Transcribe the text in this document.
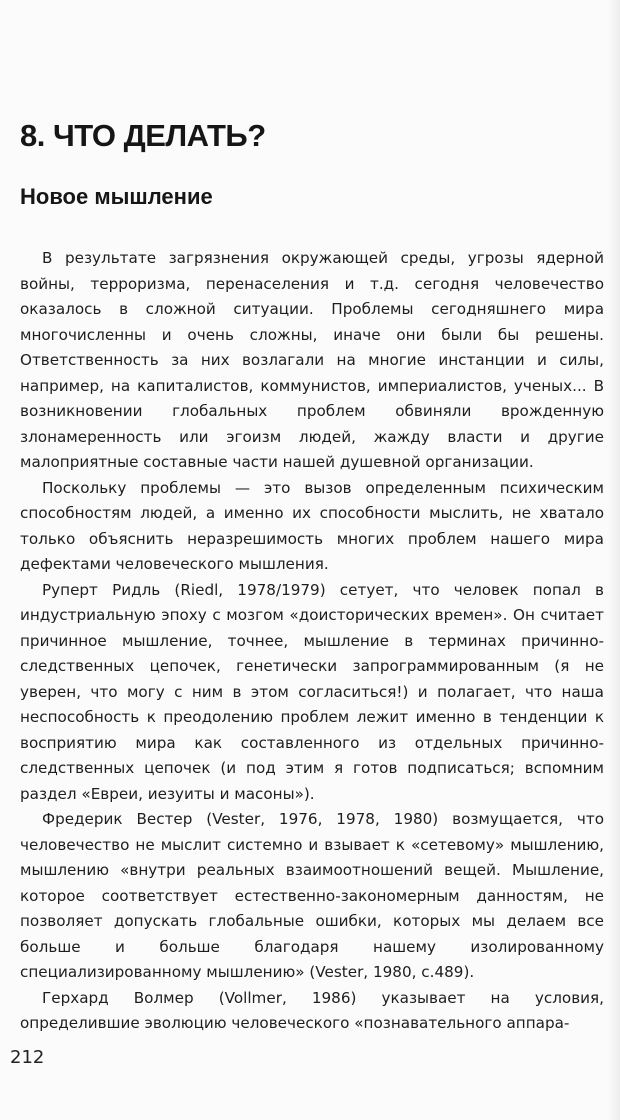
8. ЧТО ДЕЛАТЬ?
Новое мышление

В результате загрязнения окружающей среды, угрозы ядерной войны, терроризма, перенаселения и т.д. сегодня человечество оказалось в сложной ситуации. Проблемы сегодняшнего мира многочисленны и очень сложны, иначе они были бы решены. Ответственность за них возлагали на многие инстанции и силы, например, на капиталистов, коммунистов, империалистов, ученых... В возникновении глобальных проблем обвиняли врожденную злонамеренность или эгоизм людей, жажду власти и другие малоприятные составные части нашей душевной организации.

Поскольку проблемы — это вызов определенным психическим способностям людей, а именно их способности мыслить, не хватало только объяснить неразрешимость многих проблем нашего мира дефектами человеческого мышления.

Руперт Ридль (Riedl, 1978/1979) сетует, что человек попал в индустриальную эпоху с мозгом «доисторических времен». Он считает причинное мышление, точнее, мышление в терминах причинно-следственных цепочек, генетически запрограммированным (я не уверен, что могу с ним в этом согласиться!) и полагает, что наша неспособность к преодолению проблем лежит именно в тенденции к восприятию мира как составленного из отдельных причинно-следственных цепочек (и под этим я готов подписаться; вспомним раздел «Евреи, иезуиты и масоны»).

Фредерик Вестер (Vester, 1976, 1978, 1980) возмущается, что человечество не мыслит системно и взывает к «сетевому» мышлению, мышлению «внутри реальных взаимоотношений вещей. Мышление, которое соответствует естественно-закономерным данностям, не позволяет допускать глобальные ошибки, которых мы делаем все больше и больше благодаря нашему изолированному специализированному мышлению» (Vester, 1980, с.489).

Герхард Волмер (Vollmer, 1986) указывает на условия, определившие эволюцию человеческого «познавательного аппара-

212
